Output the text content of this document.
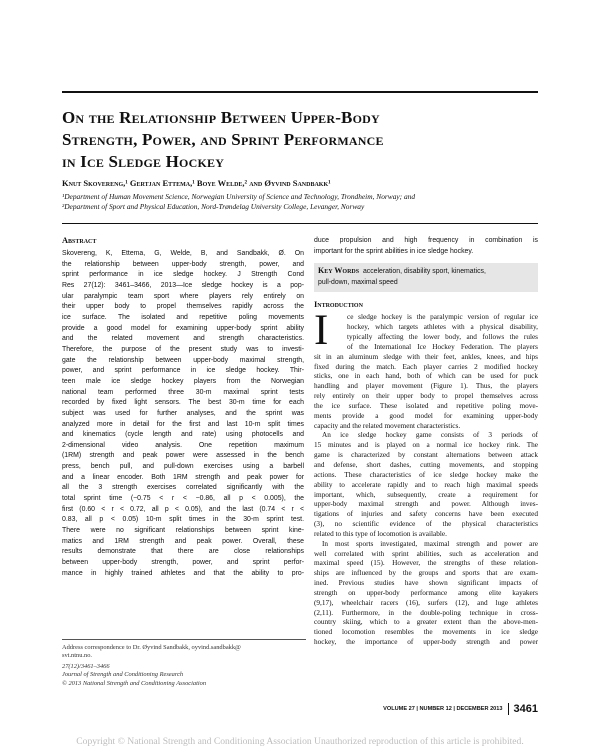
On the Relationship Between Upper-Body
Strength, Power, and Sprint Performance
in Ice Sledge Hockey
Knut Skovereng,¹ Gertjan Ettema,¹ Boye Welde,² and Øyvind Sandbakk¹
¹Department of Human Movement Science, Norwegian University of Science and Technology, Trondheim, Norway; and
²Department of Sport and Physical Education, Nord-Trøndelag University College, Levanger, Norway
Abstract
Skovereng, K, Ettema, G, Welde, B, and Sandbakk, Ø. On
the relationship between upper-body strength, power, and
sprint performance in ice sledge hockey. J Strength Cond
Res 27(12): 3461–3466, 2013—Ice sledge hockey is a pop-
ular paralympic team sport where players rely entirely on
their upper body to propel themselves rapidly across the
ice surface. The isolated and repetitive poling movements
provide a good model for examining upper-body sprint ability
and the related movement and strength characteristics.
Therefore, the purpose of the present study was to investi-
gate the relationship between upper-body maximal strength,
power, and sprint performance in ice sledge hockey. Thir-
teen male ice sledge hockey players from the Norwegian
national team performed three 30-m maximal sprint tests
recorded by fixed light sensors. The best 30-m time for each
subject was used for further analyses, and the sprint was
analyzed more in detail for the first and last 10-m split times
and kinematics (cycle length and rate) using photocells and
2-dimensional video analysis. One repetition maximum
(1RM) strength and peak power were assessed in the bench
press, bench pull, and pull-down exercises using a barbell
and a linear encoder. Both 1RM strength and peak power for
all the 3 strength exercises correlated significantly with the
total sprint time (−0.75 < r < −0.86, all p < 0.005), the
first (0.60 < r < 0.72, all p < 0.05), and the last (0.74 < r <
0.83, all p < 0.05) 10-m split times in the 30-m sprint test.
There were no significant relationships between sprint kine-
matics and 1RM strength and peak power. Overall, these
results demonstrate that there are close relationships
between upper-body strength, power, and sprint perfor-
mance in highly trained athletes and that the ability to pro-
duce propulsion and high frequency in combination is
important for the sprint abilities in ice sledge hockey.
Key Words acceleration, disability sport, kinematics,
pull-down, maximal speed
Introduction
I	ce sledge hockey is the paralympic version of regular ice
hockey, which targets athletes with a physical disability,
typically affecting the lower body, and follows the rules
of the International Ice Hockey Federation. The players
sit in an aluminum sledge with their feet, ankles, knees, and hips
fixed during the match. Each player carries 2 modified hockey
sticks, one in each hand, both of which can be used for puck
handling and player movement (Figure 1). Thus, the players
rely entirely on their upper body to propel themselves across
the ice surface. These isolated and repetitive poling move-
ments provide a good model for examining upper-body
capacity and the related movement characteristics.
An ice sledge hockey game consists of 3 periods of
15 minutes and is played on a normal ice hockey rink. The
game is characterized by constant alternations between attack
and defense, short dashes, cutting movements, and stopping
actions. These characteristics of ice sledge hockey make the
ability to accelerate rapidly and to reach high maximal speeds
important, which, subsequently, create a requirement for
upper-body maximal strength and power. Although inves-
tigations of injuries and safety concerns have been executed
(3), no scientific evidence of the physical characteristics
related to this type of locomotion is available.
In most sports investigated, maximal strength and power are
well correlated with sprint abilities, such as acceleration and
maximal speed (15). However, the strengths of these relation-
ships are influenced by the groups and sports that are exam-
ined. Previous studies have shown significant impacts of
strength on upper-body performance among elite kayakers
(9,17), wheelchair racers (16), surfers (12), and luge athletes
(2,11). Furthermore, in the double-poling technique in cross-
country skiing, which to a greater extent than the above-men-
tioned locomotion resembles the movements in ice sledge
hockey, the importance of upper-body strength and power
Address correspondence to Dr. Øyvind Sandbakk, oyvind.sandbakk@
svt.ntnu.no.
27(12)/3461–3466
Journal of Strength and Conditioning Research
© 2013 National Strength and Conditioning Association
VOLUME 27 | NUMBER 12 | DECEMBER 2013 3461
Copyright © National Strength and Conditioning Association Unauthorized reproduction of this article is prohibited.
